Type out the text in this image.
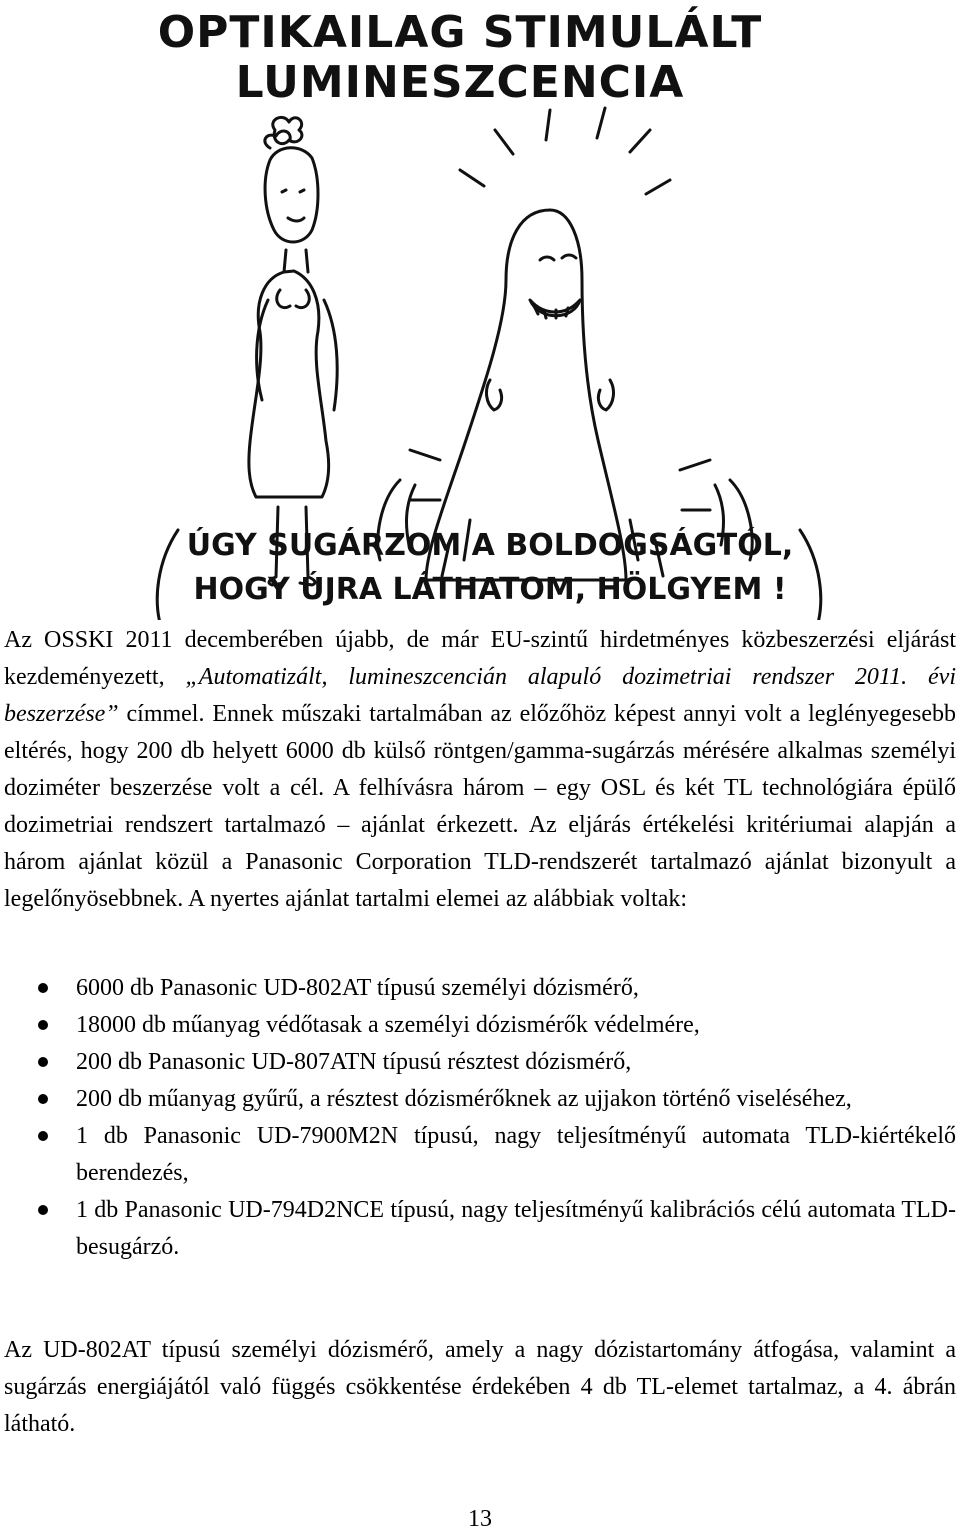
OPTIKAILAG STIMULÁLT
LUMINESZCENCIA
ÚGY SUGÁRZOM A BOLDOGSÁGTÓL,
HOGY ÚJRA LÁTHATOM, HÖLGYEM !
Az OSSKI 2011 decemberében újabb, de már EU-szintű hirdetményes közbeszerzési eljárást kezdeményezett, „Automatizált, lumineszcencián alapuló dozimetriai rendszer 2011. évi beszerzése” címmel. Ennek műszaki tartalmában az előzőhöz képest annyi volt a leglényegesebb eltérés, hogy 200 db helyett 6000 db külső röntgen/gamma-sugárzás mérésére alkalmas személyi doziméter beszerzése volt a cél. A felhívásra három – egy OSL és két TL technológiára épülő dozimetriai rendszert tartalmazó – ajánlat érkezett. Az eljárás értékelési kritériumai alapján a három ajánlat közül a Panasonic Corporation TLD-rendszerét tartalmazó ajánlat bizonyult a legelőnyösebbnek. A nyertes ajánlat tartalmi elemei az alábbiak voltak:
6000 db Panasonic UD-802AT típusú személyi dózismérő,
18000 db műanyag védőtasak a személyi dózismérők védelmére,
200 db Panasonic UD-807ATN típusú résztest dózismérő,
200 db műanyag gyűrű, a résztest dózismérőknek az ujjakon történő viseléséhez,
1 db Panasonic UD-7900M2N típusú, nagy teljesítményű automata TLD-kiértékelő berendezés,
1 db Panasonic UD-794D2NCE típusú, nagy teljesítményű kalibrációs célú automata TLD-besugárzó.
Az UD-802AT típusú személyi dózismérő, amely a nagy dózistartomány átfogása, valamint a sugárzás energiájától való függés csökkentése érdekében 4 db TL-elemet tartalmaz, a 4. ábrán látható.
13
